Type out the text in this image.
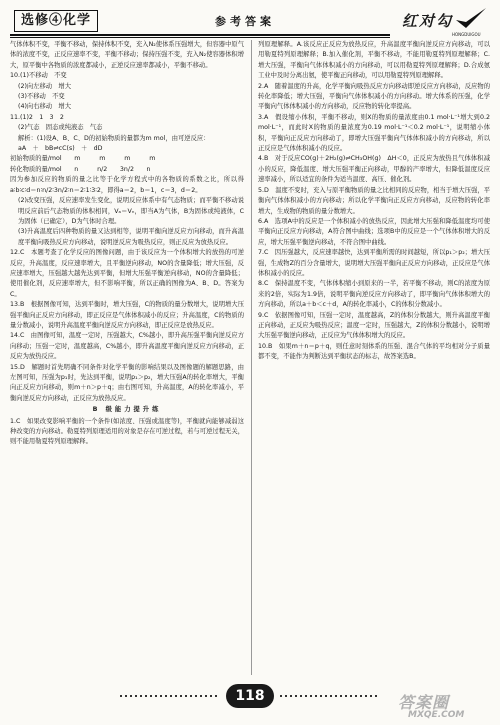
选修④化学	参考答案	红对勾
HONGDUIGOU

气体体积不变，平衡不移动，保持体积不变，充入N₂使体系压强增大，但容器中原气体的浓度不变，正反应速率不变，平衡不移动；保持压强不变，充入N₂使容器体积增大，原平衡中各物质的浓度都减小，正逆反应速率都减小，平衡不移动。

10.(1)不移动　不变

(2)向左移动　增大

(3)不移动　不变

(4)向右移动　增大

11.(1)2　1　3　2

(2)气态　固态或纯液态　气态

解析：(1)设A、B、C、D的初始物质的量都为m mol，由可逆反应：

aA　＋　bB⇌cC(s)　＋　dD

初始物质的量/mol　　m　　　m　　　m　　　m

转化物质的量/mol　　n　　　n/2　　3n/2　　n

因为参加反应的物质的量之比等于化学方程式中的各物质的系数之比，所以得 a∶b∶c∶d＝n∶n/2∶3n/2∶n＝2∶1∶3∶2，即得a＝2，b＝1，c＝3，d＝2。

(2)改变压强，反应速率发生变化，说明反应体系中有气态物质；而平衡不移动说明反应前后气态物质的体积相同，Vₐ＝Vₙ，即当A为气体，B为固体或纯液体，C为固体（已确定），D为气体时合理。

(3)升高温度后四种物质的量又达到相等，说明平衡向逆反应方向移动，而升高温度平衡向吸热反应方向移动，说明逆反应为吸热反应，则正反应为放热反应。

12.C　本题考查了化学反应的图像问题，由于该反应为一个体积增大的放热的可逆反应，升高温度，反应速率增大，且平衡逆向移动，NO的含量降低；增大压强，反应速率增大，压强越大越先达到平衡，但增大压强平衡逆向移动，NO的含量降低；使用催化剂，反应速率增大，但不影响平衡，所以正确的图像为A、B、D。答案为C。

13.B　根据图像可知，达到平衡时，增大压强，C的物质的量分数增大，说明增大压强平衡向正反应方向移动，即正反应是气体体积减小的反应；升高温度，C的物质的量分数减小，说明升高温度平衡向逆反应方向移动，即正反应是放热反应。

14.C　由图像可知，温度一定时，压强越大，C%越小，即升高压强平衡向逆反应方向移动；压强一定时，温度越高，C%越小，即升高温度平衡向逆反应方向移动，正反应为放热反应。

15.D　解题时首先明确不同条件对化学平衡的影响结果以及图像题的解题思路，由左图可知，压强为p₁时，先达到平衡，说明p₁＞p₂，增大压强A的转化率增大，平衡向正反应方向移动，则m＋n＞p＋q；由右图可知，升高温度，A的转化率减小，平衡向逆反应方向移动，正反应为放热反应。

B 级能力提升练

1.C　如果改变影响平衡的一个条件(如浓度、压强或温度等)，平衡就向能够减弱这种改变的方向移动。勒夏特列原理适用的对象是存在可逆过程，若与可逆过程无关，则不能用勒夏特列原理解释。

列原理解释。A.该反应正反应为放热反应，升高温度平衡向逆反应方向移动，可以用勒夏特列原理解释；B.加入催化剂，平衡不移动，不能用勒夏特列原理解释；C.增大压强，平衡向气体体积减小的方向移动，可以用勒夏特列原理解释；D.合成氨工业中及时分离出氨，使平衡正向移动，可以用勒夏特列原理解释。

2.A　随着温度的升高，化学平衡向吸热反应方向移动即逆反应方向移动，反应物的转化率降低；增大压强，平衡向气体体积减小的方向移动。增大体系的压强，化学平衡向气体体积减小的方向移动，反应物的转化率提高。

3.A　假设缩小体积，平衡不移动，则X的物质的量浓度由0.1 mol·L⁻¹增大到0.2 mol·L⁻¹，而此时X的物质的量浓度为0.19 mol·L⁻¹＜0.2 mol·L⁻¹，说明缩小体积，平衡向正反应方向移动了，即增大压强平衡向气体体积减小的方向移动，所以正反应是气体体积减小的反应。

4.B　对于反应CO(g)＋2H₂(g)⇌CH₃OH(g)　ΔH＜0，正反应为放热且气体体积减小的反应，降低温度、增大压强平衡正向移动，甲醇的产率增大，但降低温度反应速率减小，所以适宜的条件为适当温度、高压、催化剂。

5.D　温度不变时，充入与原平衡物质的量之比相同的反应物，相当于增大压强，平衡向气体体积减小的方向移动；所以化学平衡向正反应方向移动，反应物的转化率增大，生成物的物质的量分数增大。

6.A　选项A中的反应是一个体积减小的放热反应，因此增大压强和降低温度均可使平衡向正反应方向移动，A符合图中曲线；选项B中的反应是一个气体体积增大的反应，增大压强平衡逆向移动，不符合图中曲线。

7.C　因压强越大，反应速率越快，达到平衡所需的时间越短，所以p₁＞p₂；增大压强，生成物Z的百分含量增大，说明增大压强平衡向正反应方向移动，正反应是气体体积减小的反应。

8.C　保持温度不变，气体体积缩小到原来的一半，若平衡不移动，则C的浓度为原来的2倍，实际为1.9倍，说明平衡向逆反应方向移动了，即平衡向气体体积增大的方向移动，所以a＋b＜c＋d，A的转化率减小，C的体积分数减小。

9.C　依据图像可知，压强一定时，温度越高，Z的体积分数越大，则升高温度平衡正向移动，正反应为吸热反应；温度一定时，压强越大，Z的体积分数越小，说明增大压强平衡逆向移动，正反应为气体体积增大的反应。

10.B　如果m＋n＝p＋q，则任意时刻体系的压强、混合气体的平均相对分子质量都不变，不能作为判断达到平衡状态的标志，故答案选B。

118	答案圈
MXQE.COM
